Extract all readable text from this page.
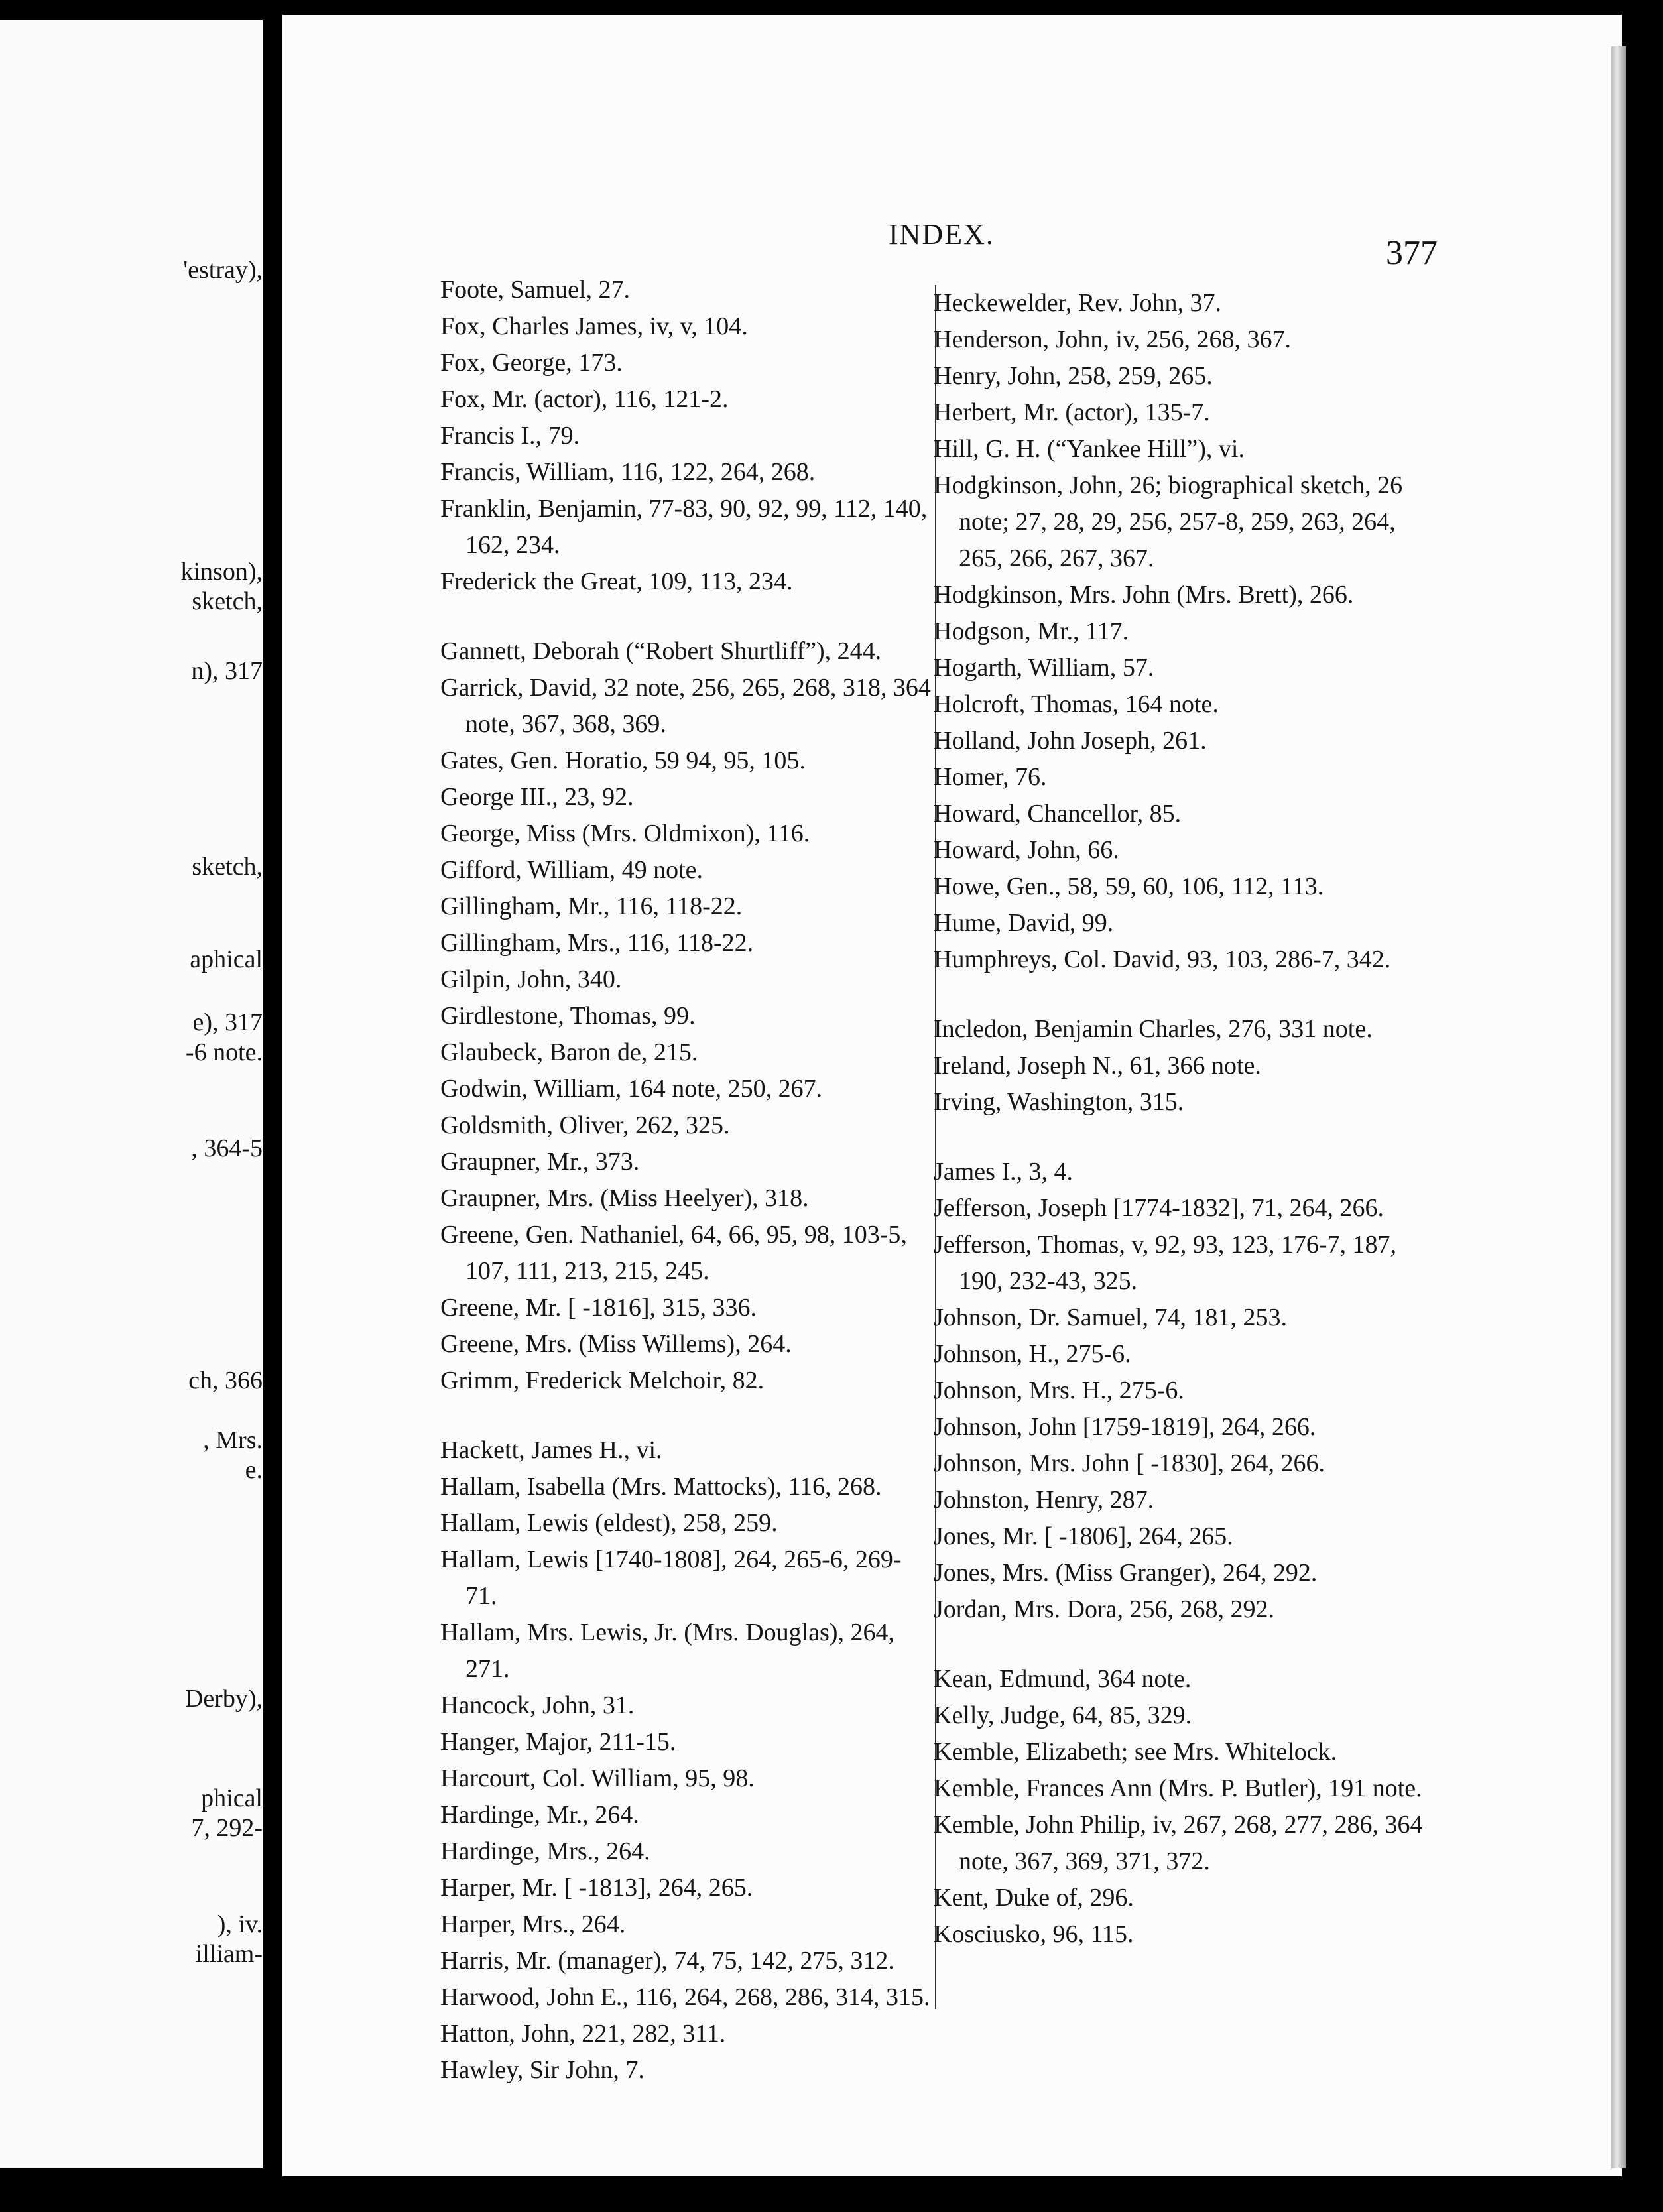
INDEX.	377
Foote, Samuel, 27.
Fox, Charles James, iv, v, 104.
Fox, George, 173.
Fox, Mr. (actor), 116, 121-2.
Francis I., 79.
Francis, William, 116, 122, 264, 268.
Franklin, Benjamin, 77-83, 90, 92, 99, 112, 140, 162, 234.
Frederick the Great, 109, 113, 234.
Gannett, Deborah (“Robert Shurtliff”), 244.
Garrick, David, 32 note, 256, 265, 268, 318, 364 note, 367, 368, 369.
Gates, Gen. Horatio, 59 94, 95, 105.
George III., 23, 92.
George, Miss (Mrs. Oldmixon), 116.
Gifford, William, 49 note.
Gillingham, Mr., 116, 118-22.
Gillingham, Mrs., 116, 118-22.
Gilpin, John, 340.
Girdlestone, Thomas, 99.
Glaubeck, Baron de, 215.
Godwin, William, 164 note, 250, 267.
Goldsmith, Oliver, 262, 325.
Graupner, Mr., 373.
Graupner, Mrs. (Miss Heelyer), 318.
Greene, Gen. Nathaniel, 64, 66, 95, 98, 103-5, 107, 111, 213, 215, 245.
Greene, Mr. [ -1816], 315, 336.
Greene, Mrs. (Miss Willems), 264.
Grimm, Frederick Melchoir, 82.
Hackett, James H., vi.
Hallam, Isabella (Mrs. Mattocks), 116, 268.
Hallam, Lewis (eldest), 258, 259.
Hallam, Lewis [1740-1808], 264, 265-6, 269-71.
Hallam, Mrs. Lewis, Jr. (Mrs. Douglas), 264, 271.
Hancock, John, 31.
Hanger, Major, 211-15.
Harcourt, Col. William, 95, 98.
Hardinge, Mr., 264.
Hardinge, Mrs., 264.
Harper, Mr. [ -1813], 264, 265.
Harper, Mrs., 264.
Harris, Mr. (manager), 74, 75, 142, 275, 312.
Harwood, John E., 116, 264, 268, 286, 314, 315.
Hatton, John, 221, 282, 311.
Hawley, Sir John, 7.
Heckewelder, Rev. John, 37.
Henderson, John, iv, 256, 268, 367.
Henry, John, 258, 259, 265.
Herbert, Mr. (actor), 135-7.
Hill, G. H. (“Yankee Hill”), vi.
Hodgkinson, John, 26; biographical sketch, 26 note; 27, 28, 29, 256, 257-8, 259, 263, 264, 265, 266, 267, 367.
Hodgkinson, Mrs. John (Mrs. Brett), 266.
Hodgson, Mr., 117.
Hogarth, William, 57.
Holcroft, Thomas, 164 note.
Holland, John Joseph, 261.
Homer, 76.
Howard, Chancellor, 85.
Howard, John, 66.
Howe, Gen., 58, 59, 60, 106, 112, 113.
Hume, David, 99.
Humphreys, Col. David, 93, 103, 286-7, 342.
Incledon, Benjamin Charles, 276, 331 note.
Ireland, Joseph N., 61, 366 note.
Irving, Washington, 315.
James I., 3, 4.
Jefferson, Joseph [1774-1832], 71, 264, 266.
Jefferson, Thomas, v, 92, 93, 123, 176-7, 187, 190, 232-43, 325.
Johnson, Dr. Samuel, 74, 181, 253.
Johnson, H., 275-6.
Johnson, Mrs. H., 275-6.
Johnson, John [1759-1819], 264, 266.
Johnson, Mrs. John [ -1830], 264, 266.
Johnston, Henry, 287.
Jones, Mr. [ -1806], 264, 265.
Jones, Mrs. (Miss Granger), 264, 292.
Jordan, Mrs. Dora, 256, 268, 292.
Kean, Edmund, 364 note.
Kelly, Judge, 64, 85, 329.
Kemble, Elizabeth; see Mrs. Whitelock.
Kemble, Frances Ann (Mrs. P. Butler), 191 note.
Kemble, John Philip, iv, 267, 268, 277, 286, 364 note, 367, 369, 371, 372.
Kent, Duke of, 296.
Kosciusko, 96, 115.
'estray),
kinson),
sketch,
n), 317
sketch,
aphical
e), 317
-6 note.
, 364-5
ch, 366
, Mrs.
e.
Derby),
phical
7, 292-
), iv.
illiam-
